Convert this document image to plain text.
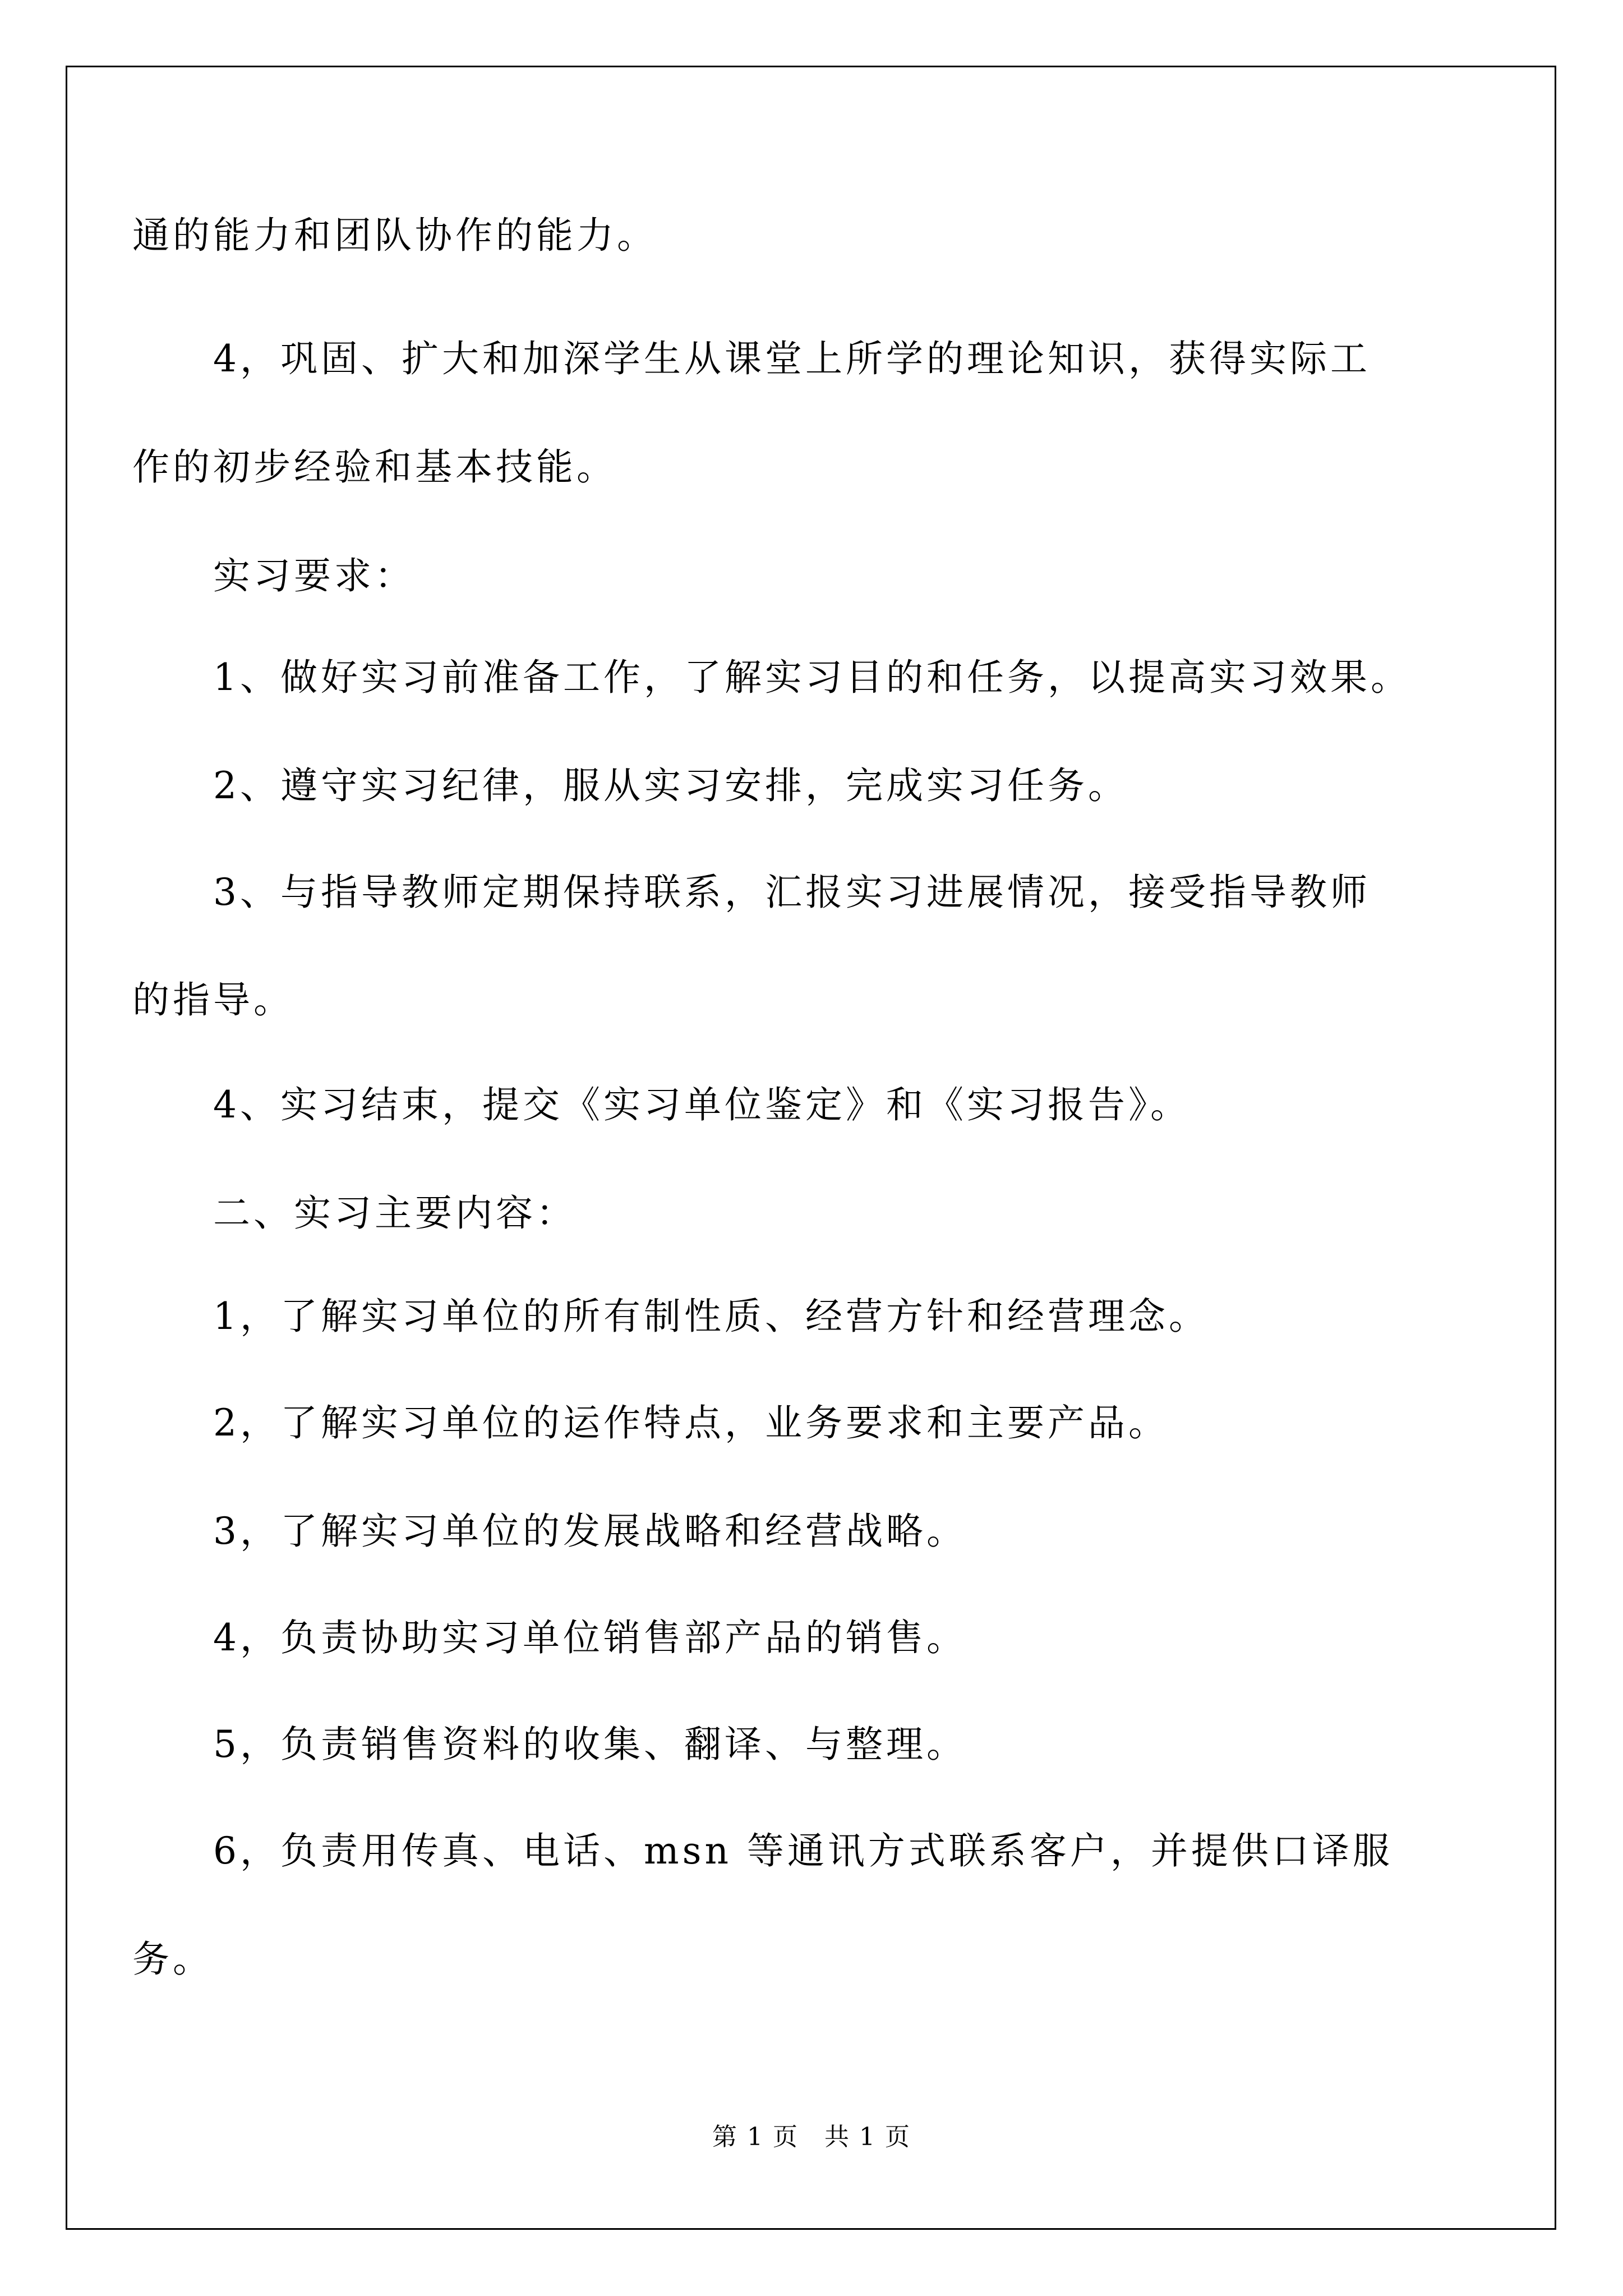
通的能力和团队协作的能力。
4，巩固、扩大和加深学生从课堂上所学的理论知识，获得实际工
作的初步经验和基本技能。
实习要求：
1、做好实习前准备工作，了解实习目的和任务，以提高实习效果。
2、遵守实习纪律，服从实习安排，完成实习任务。
3、与指导教师定期保持联系，汇报实习进展情况，接受指导教师
的指导。
4、实习结束，提交《实习单位鉴定》和《实习报告》。
二、实习主要内容：
1，了解实习单位的所有制性质、经营方针和经营理念。
2，了解实习单位的运作特点，业务要求和主要产品。
3，了解实习单位的发展战略和经营战略。
4，负责协助实习单位销售部产品的销售。
5，负责销售资料的收集、翻译、与整理。
6，负责用传真、电话、msn 等通讯方式联系客户，并提供口译服
务。
第 1 页　共 1 页
